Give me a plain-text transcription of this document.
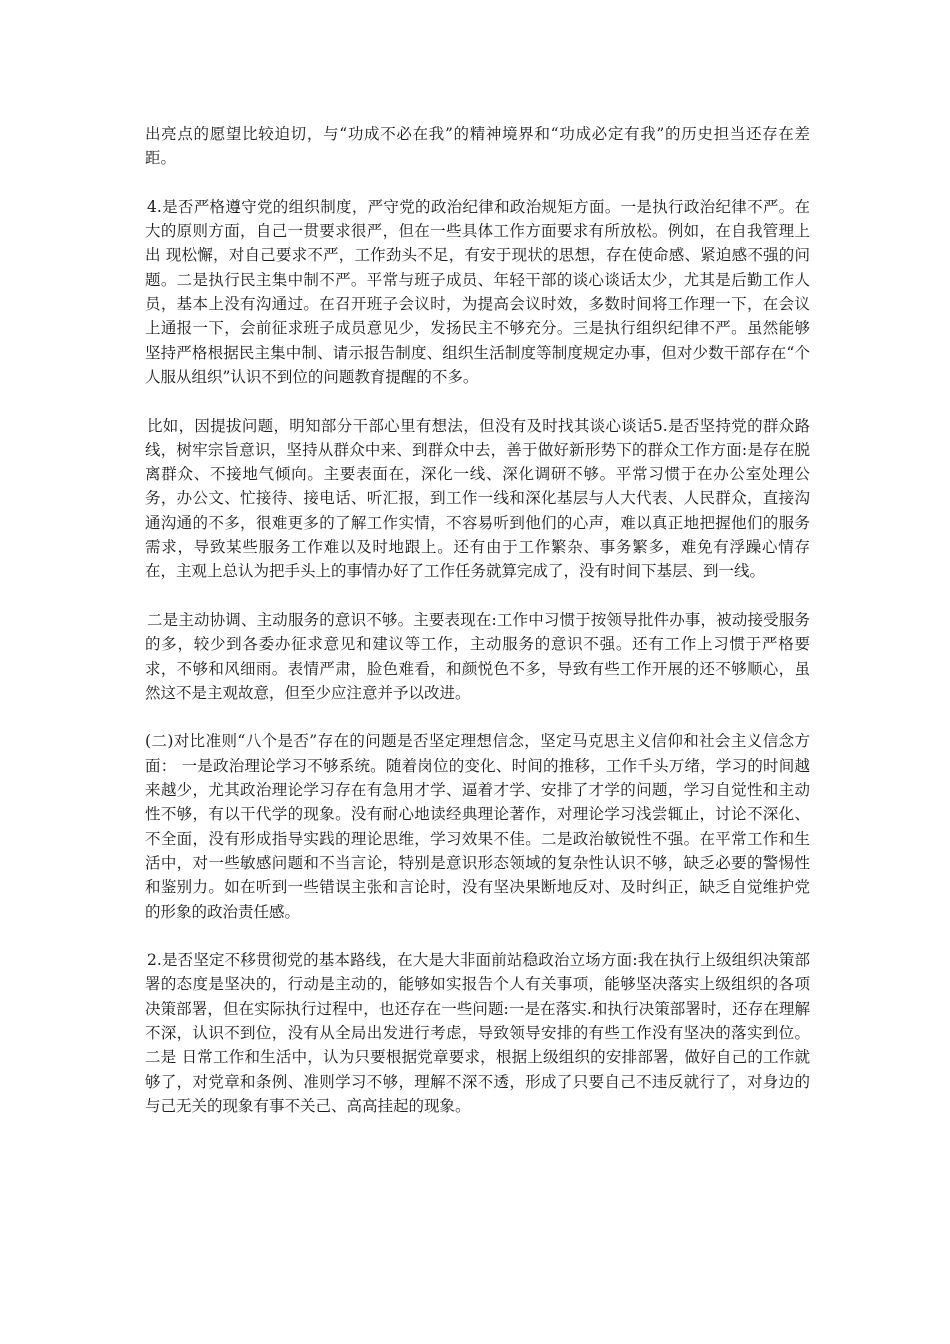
出亮点的愿望比较迫切，与“功成不必在我”的精神境界和“功成必定有我”的历史担当还存在差距。

4.是否严格遵守党的组织制度，严守党的政治纪律和政治规矩方面。一是执行政治纪律不严。在大的原则方面，自己一贯要求很严，但在一些具体工作方面要求有所放松。例如，在自我管理上出 现松懈，对自己要求不严，工作劲头不足，有安于现状的思想，存在使命感、紧迫感不强的问题。二是执行民主集中制不严。平常与班子成员、年轻干部的谈心谈话太少，尤其是后勤工作人员，基本上没有沟通过。在召开班子会议时，为提高会议时效，多数时间将工作理一下，在会议上通报一下，会前征求班子成员意见少，发扬民主不够充分。三是执行组织纪律不严。虽然能够坚持严格根据民主集中制、请示报告制度、组织生活制度等制度规定办事，但对少数干部存在“个人服从组织”认识不到位的问题教育提醒的不多。

比如，因提拔问题，明知部分干部心里有想法，但没有及时找其谈心谈话5.是否坚持党的群众路线，树牢宗旨意识，坚持从群众中来、到群众中去，善于做好新形势下的群众工作方面:是存在脱离群众、不接地气倾向。主要表面在，深化一线、深化调研不够。平常习惯于在办公室处理公务，办公文、忙接待、接电话、听汇报，到工作一线和深化基层与人大代表、人民群众，直接沟通沟通的不多，很难更多的了解工作实情，不容易听到他们的心声，难以真正地把握他们的服务需求，导致某些服务工作难以及时地跟上。还有由于工作繁杂、事务繁多，难免有浮躁心情存在，主观上总认为把手头上的事情办好了工作任务就算完成了，没有时间下基层、到一线。

二是主动协调、主动服务的意识不够。主要表现在:工作中习惯于按领导批件办事，被动接受服务的多，较少到各委办征求意见和建议等工作，主动服务的意识不强。还有工作上习惯于严格要求，不够和风细雨。表情严肃，脸色难看，和颜悦色不多，导致有些工作开展的还不够顺心，虽然这不是主观故意，但至少应注意并予以改进。

(二)对比准则“八个是否”存在的问题是否坚定理想信念，坚定马克思主义信仰和社会主义信念方面： 一是政治理论学习不够系统。随着岗位的变化、时间的推移，工作千头万绪，学习的时间越来越少，尤其政治理论学习存在有急用才学、逼着才学、安排了才学的问题，学习自觉性和主动性不够，有以干代学的现象。没有耐心地读经典理论著作，对理论学习浅尝辄止，讨论不深化、不全面，没有形成指导实践的理论思维，学习效果不佳。二是政治敏锐性不强。在平常工作和生活中，对一些敏感问题和不当言论，特别是意识形态领域的复杂性认识不够，缺乏必要的警惕性和鉴别力。如在听到一些错误主张和言论时，没有坚决果断地反对、及时纠正，缺乏自觉维护党的形象的政治责任感。

2.是否坚定不移贯彻党的基本路线，在大是大非面前站稳政治立场方面:我在执行上级组织决策部署的态度是坚决的，行动是主动的，能够如实报告个人有关事项，能够坚决落实上级组织的各项决策部署，但在实际执行过程中，也还存在一些问题:一是在落实.和执行决策部署时，还存在理解不深，认识不到位，没有从全局出发进行考虑，导致领导安排的有些工作没有坚决的落实到位。二是 日常工作和生活中，认为只要根据党章要求，根据上级组织的安排部署，做好自己的工作就够了，对党章和条例、准则学习不够，理解不深不透，形成了只要自己不违反就行了，对身边的与己无关的现象有事不关己、高高挂起的现象。
